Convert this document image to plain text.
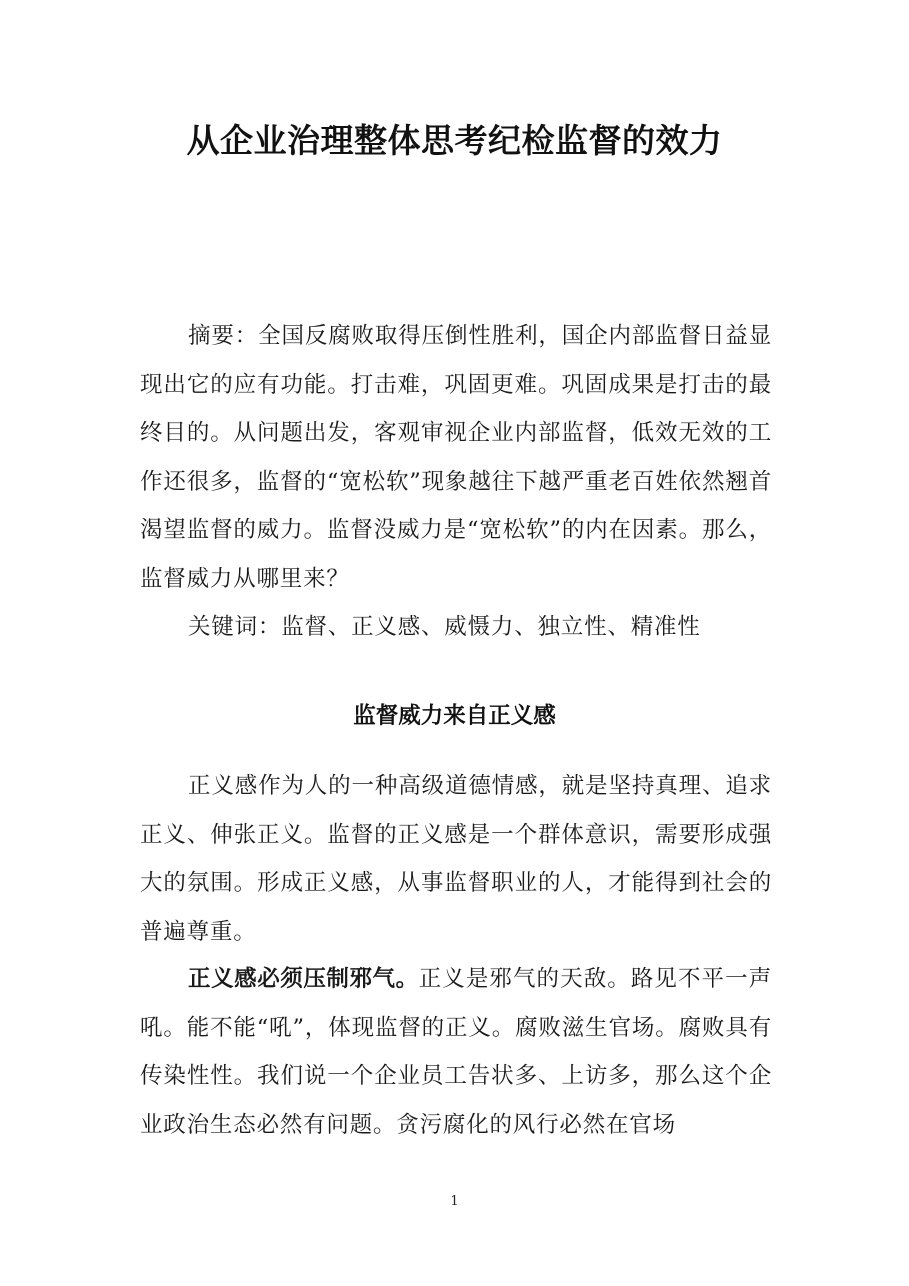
从企业治理整体思考纪检监督的效力

摘要：全国反腐败取得压倒性胜利，国企内部监督日益显现出它的应有功能。打击难，巩固更难。巩固成果是打击的最终目的。从问题出发，客观审视企业内部监督，低效无效的工作还很多，监督的“宽松软”现象越往下越严重老百姓依然翘首渴望监督的威力。监督没威力是“宽松软”的内在因素。那么，监督威力从哪里来？

关键词：监督、正义感、威慑力、独立性、精准性

监督威力来自正义感

正义感作为人的一种高级道德情感，就是坚持真理、追求正义、伸张正义。监督的正义感是一个群体意识，需要形成强大的氛围。形成正义感，从事监督职业的人，才能得到社会的普遍尊重。

正义感必须压制邪气。正义是邪气的天敌。路见不平一声吼。能不能“吼”，体现监督的正义。腐败滋生官场。腐败具有传染性性。我们说一个企业员工告状多、上访多，那么这个企业政治生态必然有问题。贪污腐化的风行必然在官场

1
